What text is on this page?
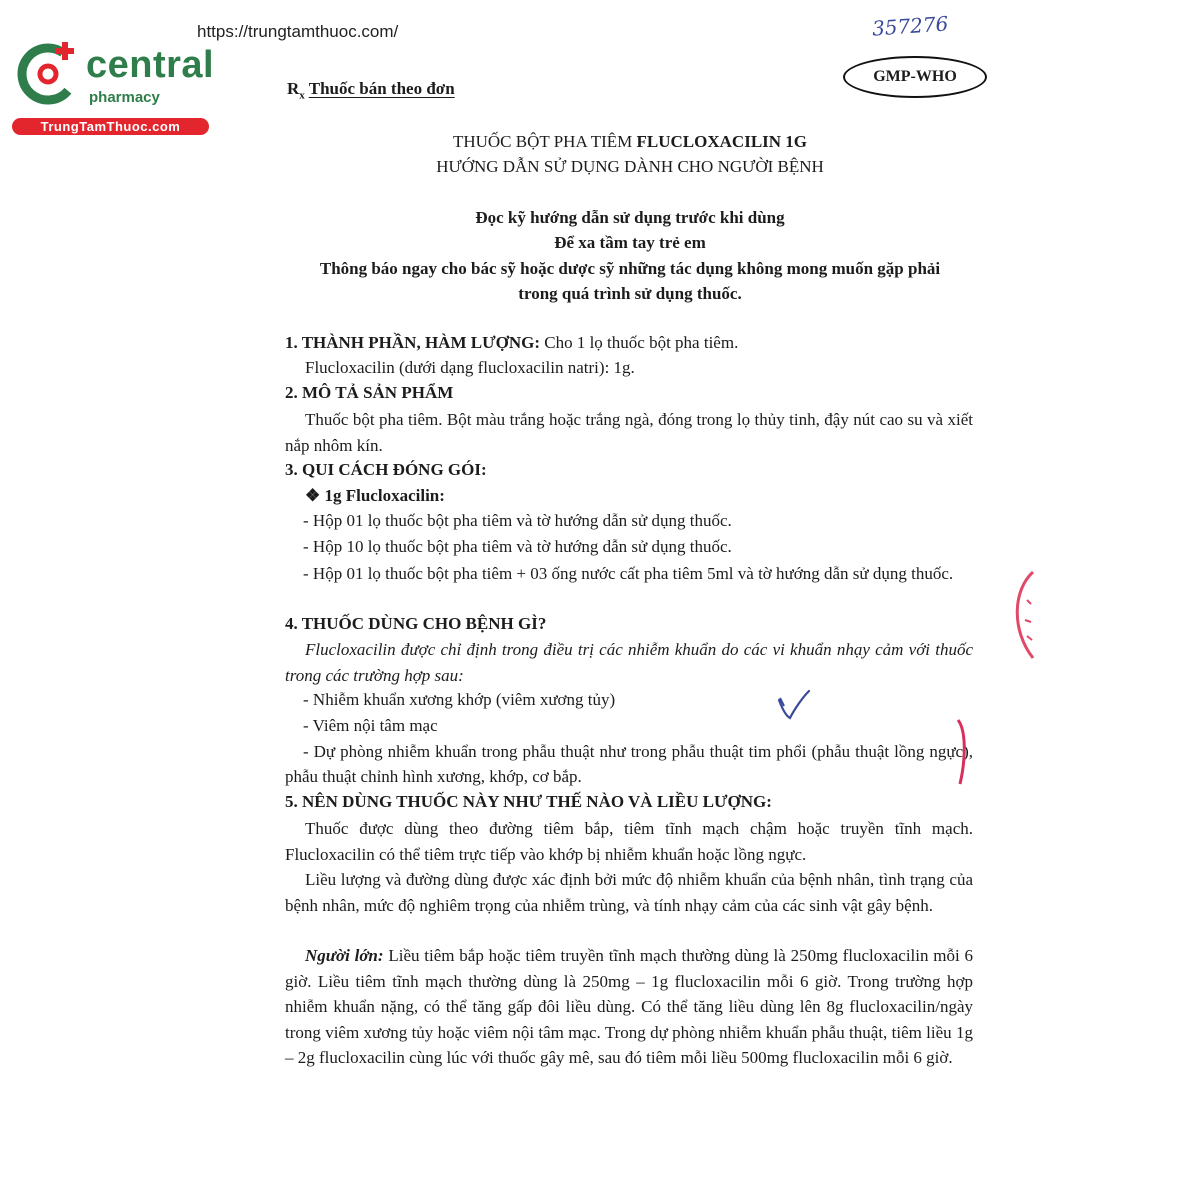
https://trungtamthuoc.com/
central
pharmacy
TrungTamThuoc.com
357276
GMP-WHO
$R_x$ Thuốc bán theo đơn
THUỐC BỘT PHA TIÊM FLUCLOXACILIN 1G
HƯỚNG DẪN SỬ DỤNG DÀNH CHO NGƯỜI BỆNH
Đọc kỹ hướng dẫn sử dụng trước khi dùng
Để xa tầm tay trẻ em
Thông báo ngay cho bác sỹ hoặc dược sỹ những tác dụng không mong muốn gặp phải
trong quá trình sử dụng thuốc.
1. THÀNH PHẦN, HÀM LƯỢNG: Cho 1 lọ thuốc bột pha tiêm.
Flucloxacilin (dưới dạng flucloxacilin natri): 1g.
2. MÔ TẢ SẢN PHẨM
Thuốc bột pha tiêm. Bột màu trắng hoặc trắng ngà, đóng trong lọ thủy tinh, đậy nút cao su và xiết nắp nhôm kín.
3. QUI CÁCH ĐÓNG GÓI:
❖ 1g Flucloxacilin:
- Hộp 01 lọ thuốc bột pha tiêm và tờ hướng dẫn sử dụng thuốc.
- Hộp 10 lọ thuốc bột pha tiêm và tờ hướng dẫn sử dụng thuốc.
- Hộp 01 lọ thuốc bột pha tiêm + 03 ống nước cất pha tiêm 5ml và tờ hướng dẫn sử dụng thuốc.
4. THUỐC DÙNG CHO BỆNH GÌ?
Flucloxacilin được chỉ định trong điều trị các nhiễm khuẩn do các vi khuẩn nhạy cảm với thuốc trong các trường hợp sau:
- Nhiễm khuẩn xương khớp (viêm xương tủy)
- Viêm nội tâm mạc
- Dự phòng nhiễm khuẩn trong phẫu thuật như trong phẫu thuật tim phổi (phẫu thuật lồng ngực), phẫu thuật chỉnh hình xương, khớp, cơ bắp.
5. NÊN DÙNG THUỐC NÀY NHƯ THẾ NÀO VÀ LIỀU LƯỢNG:
Thuốc được dùng theo đường tiêm bắp, tiêm tĩnh mạch chậm hoặc truyền tĩnh mạch. Flucloxacilin có thể tiêm trực tiếp vào khớp bị nhiễm khuẩn hoặc lồng ngực.
Liều lượng và đường dùng được xác định bởi mức độ nhiễm khuẩn của bệnh nhân, tình trạng của bệnh nhân, mức độ nghiêm trọng của nhiễm trùng, và tính nhạy cảm của các sinh vật gây bệnh.
Người lớn: Liều tiêm bắp hoặc tiêm truyền tĩnh mạch thường dùng là 250mg flucloxacilin mỗi 6 giờ. Liều tiêm tĩnh mạch thường dùng là 250mg – 1g flucloxacilin mỗi 6 giờ. Trong trường hợp nhiễm khuẩn nặng, có thể tăng gấp đôi liều dùng. Có thể tăng liều dùng lên 8g flucloxacilin/ngày trong viêm xương tủy hoặc viêm nội tâm mạc. Trong dự phòng nhiễm khuẩn phẫu thuật, tiêm liều 1g – 2g flucloxacilin cùng lúc với thuốc gây mê, sau đó tiêm mỗi liều 500mg flucloxacilin mỗi 6 giờ.
